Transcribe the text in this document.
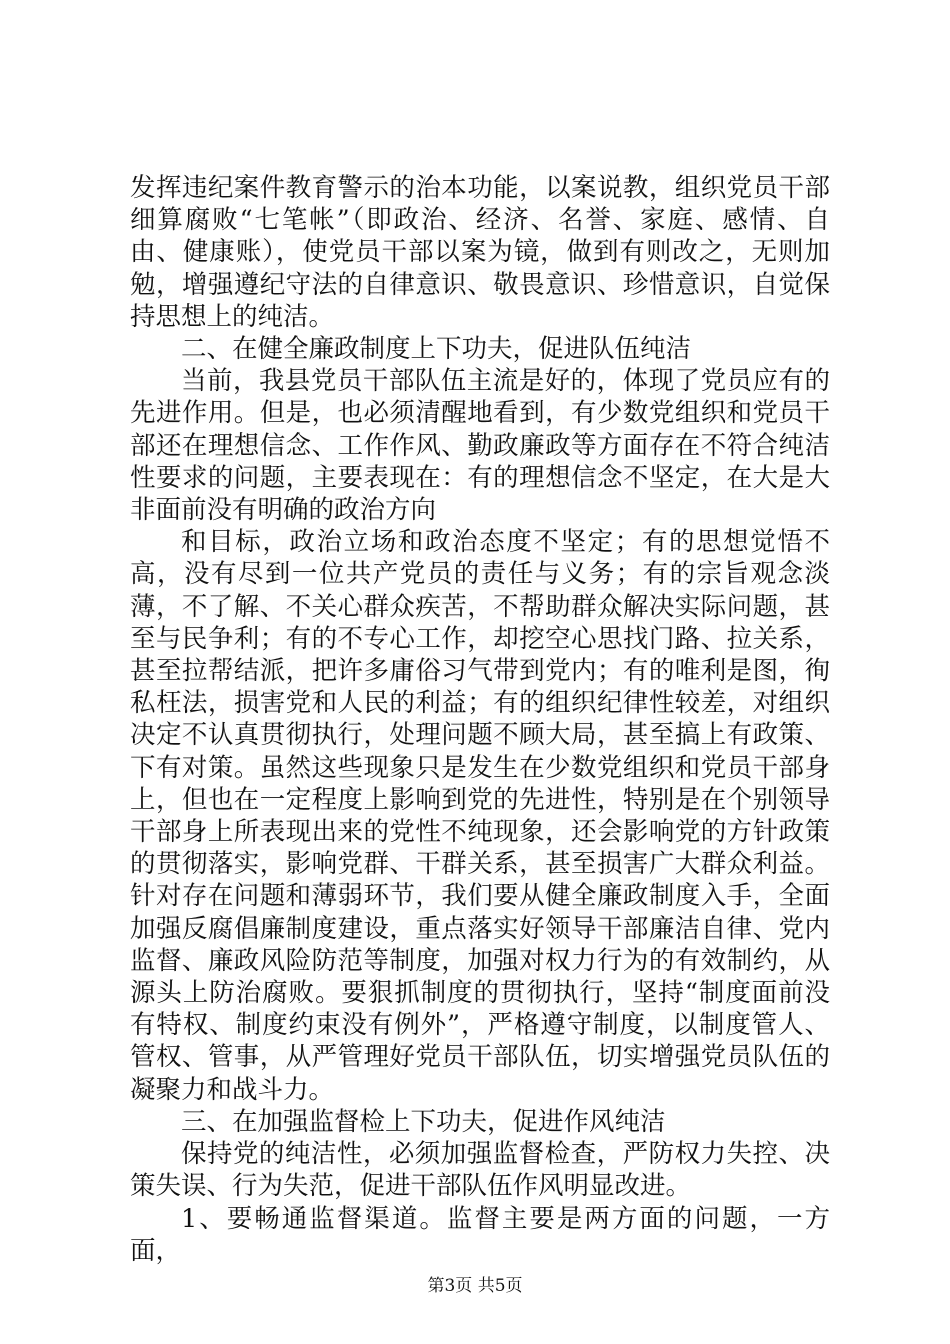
发挥违纪案件教育警示的治本功能，以案说教，组织党员干部细算腐败“七笔帐”（即政治、经济、名誉、家庭、感情、自由、健康账），使党员干部以案为镜，做到有则改之，无则加勉，增强遵纪守法的自律意识、敬畏意识、珍惜意识，自觉保持思想上的纯洁。

二、在健全廉政制度上下功夫，促进队伍纯洁

当前，我县党员干部队伍主流是好的，体现了党员应有的先进作用。但是，也必须清醒地看到，有少数党组织和党员干部还在理想信念、工作作风、勤政廉政等方面存在不符合纯洁性要求的问题，主要表现在：有的理想信念不坚定，在大是大非面前没有明确的政治方向

和目标，政治立场和政治态度不坚定；有的思想觉悟不高，没有尽到一位共产党员的责任与义务；有的宗旨观念淡薄，不了解、不关心群众疾苦，不帮助群众解决实际问题，甚至与民争利；有的不专心工作，却挖空心思找门路、拉关系，甚至拉帮结派，把许多庸俗习气带到党内；有的唯利是图，徇私枉法，损害党和人民的利益；有的组织纪律性较差，对组织决定不认真贯彻执行，处理问题不顾大局，甚至搞上有政策、下有对策。虽然这些现象只是发生在少数党组织和党员干部身上，但也在一定程度上影响到党的先进性，特别是在个别领导干部身上所表现出来的党性不纯现象，还会影响党的方针政策的贯彻落实，影响党群、干群关系，甚至损害广大群众利益。针对存在问题和薄弱环节，我们要从健全廉政制度入手，全面加强反腐倡廉制度建设，重点落实好领导干部廉洁自律、党内监督、廉政风险防范等制度，加强对权力行为的有效制约，从源头上防治腐败。要狠抓制度的贯彻执行，坚持“制度面前没有特权、制度约束没有例外”，严格遵守制度，以制度管人、管权、管事，从严管理好党员干部队伍，切实增强党员队伍的凝聚力和战斗力。

三、在加强监督检上下功夫，促进作风纯洁

保持党的纯洁性，必须加强监督检查，严防权力失控、决策失误、行为失范，促进干部队伍作风明显改进。

1、要畅通监督渠道。监督主要是两方面的问题，一方面，

第3页 共5页
